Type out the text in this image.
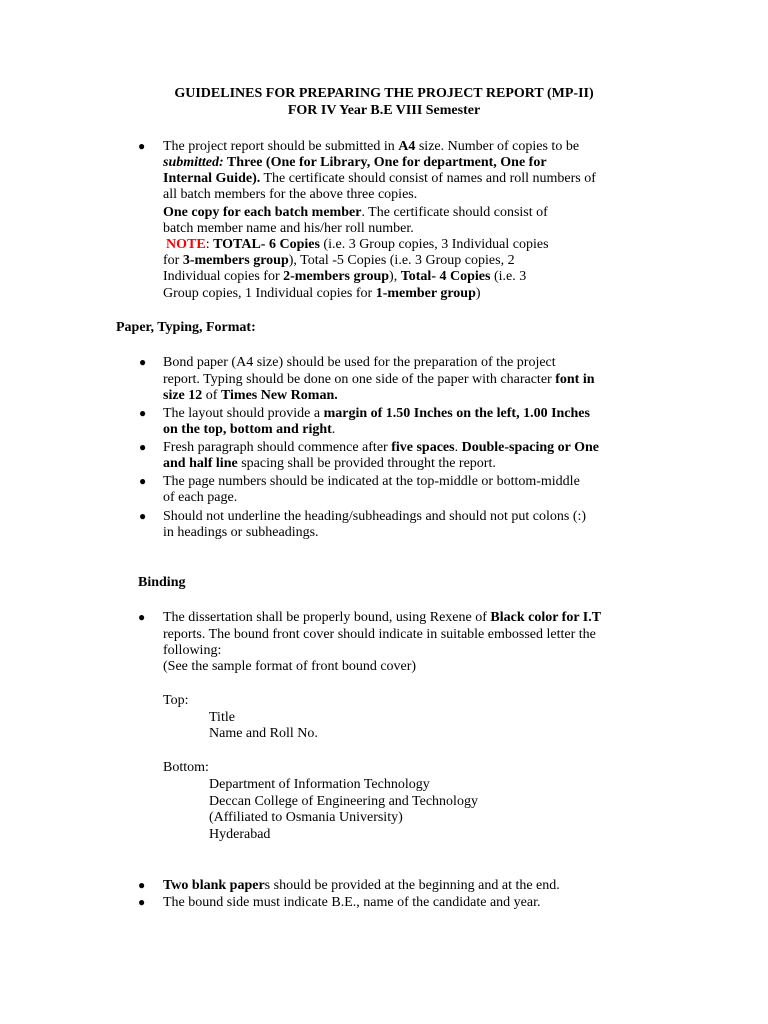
GUIDELINES FOR PREPARING THE PROJECT REPORT (MP-II)
FOR IV Year B.E VIII Semester
● The project report should be submitted in A4 size. Number of copies to be
submitted: Three (One for Library, One for department, One for
Internal Guide). The certificate should consist of names and roll numbers of
all batch members for the above three copies.
One copy for each batch member. The certificate should consist of
batch member name and his/her roll number.
NOTE: TOTAL- 6 Copies (i.e. 3 Group copies, 3 Individual copies
for 3-members group), Total -5 Copies (i.e. 3 Group copies, 2
Individual copies for 2-members group), Total- 4 Copies (i.e. 3
Group copies, 1 Individual copies for 1-member group)
Paper, Typing, Format:
● Bond paper (A4 size) should be used for the preparation of the project
report. Typing should be done on one side of the paper with character font in
size 12 of Times New Roman.
● The layout should provide a margin of 1.50 Inches on the left, 1.00 Inches
on the top, bottom and right.
● Fresh paragraph should commence after five spaces. Double-spacing or One
and half line spacing shall be provided throught the report.
● The page numbers should be indicated at the top-middle or bottom-middle
of each page.
● Should not underline the heading/subheadings and should not put colons (:)
in headings or subheadings.
Binding
● The dissertation shall be properly bound, using Rexene of Black color for I.T
reports. The bound front cover should indicate in suitable embossed letter the
following:
(See the sample format of front bound cover)
Top:
Title
Name and Roll No.
Bottom:
Department of Information Technology
Deccan College of Engineering and Technology
(Affiliated to Osmania University)
Hyderabad
● Two blank papers should be provided at the beginning and at the end.
● The bound side must indicate B.E., name of the candidate and year.
